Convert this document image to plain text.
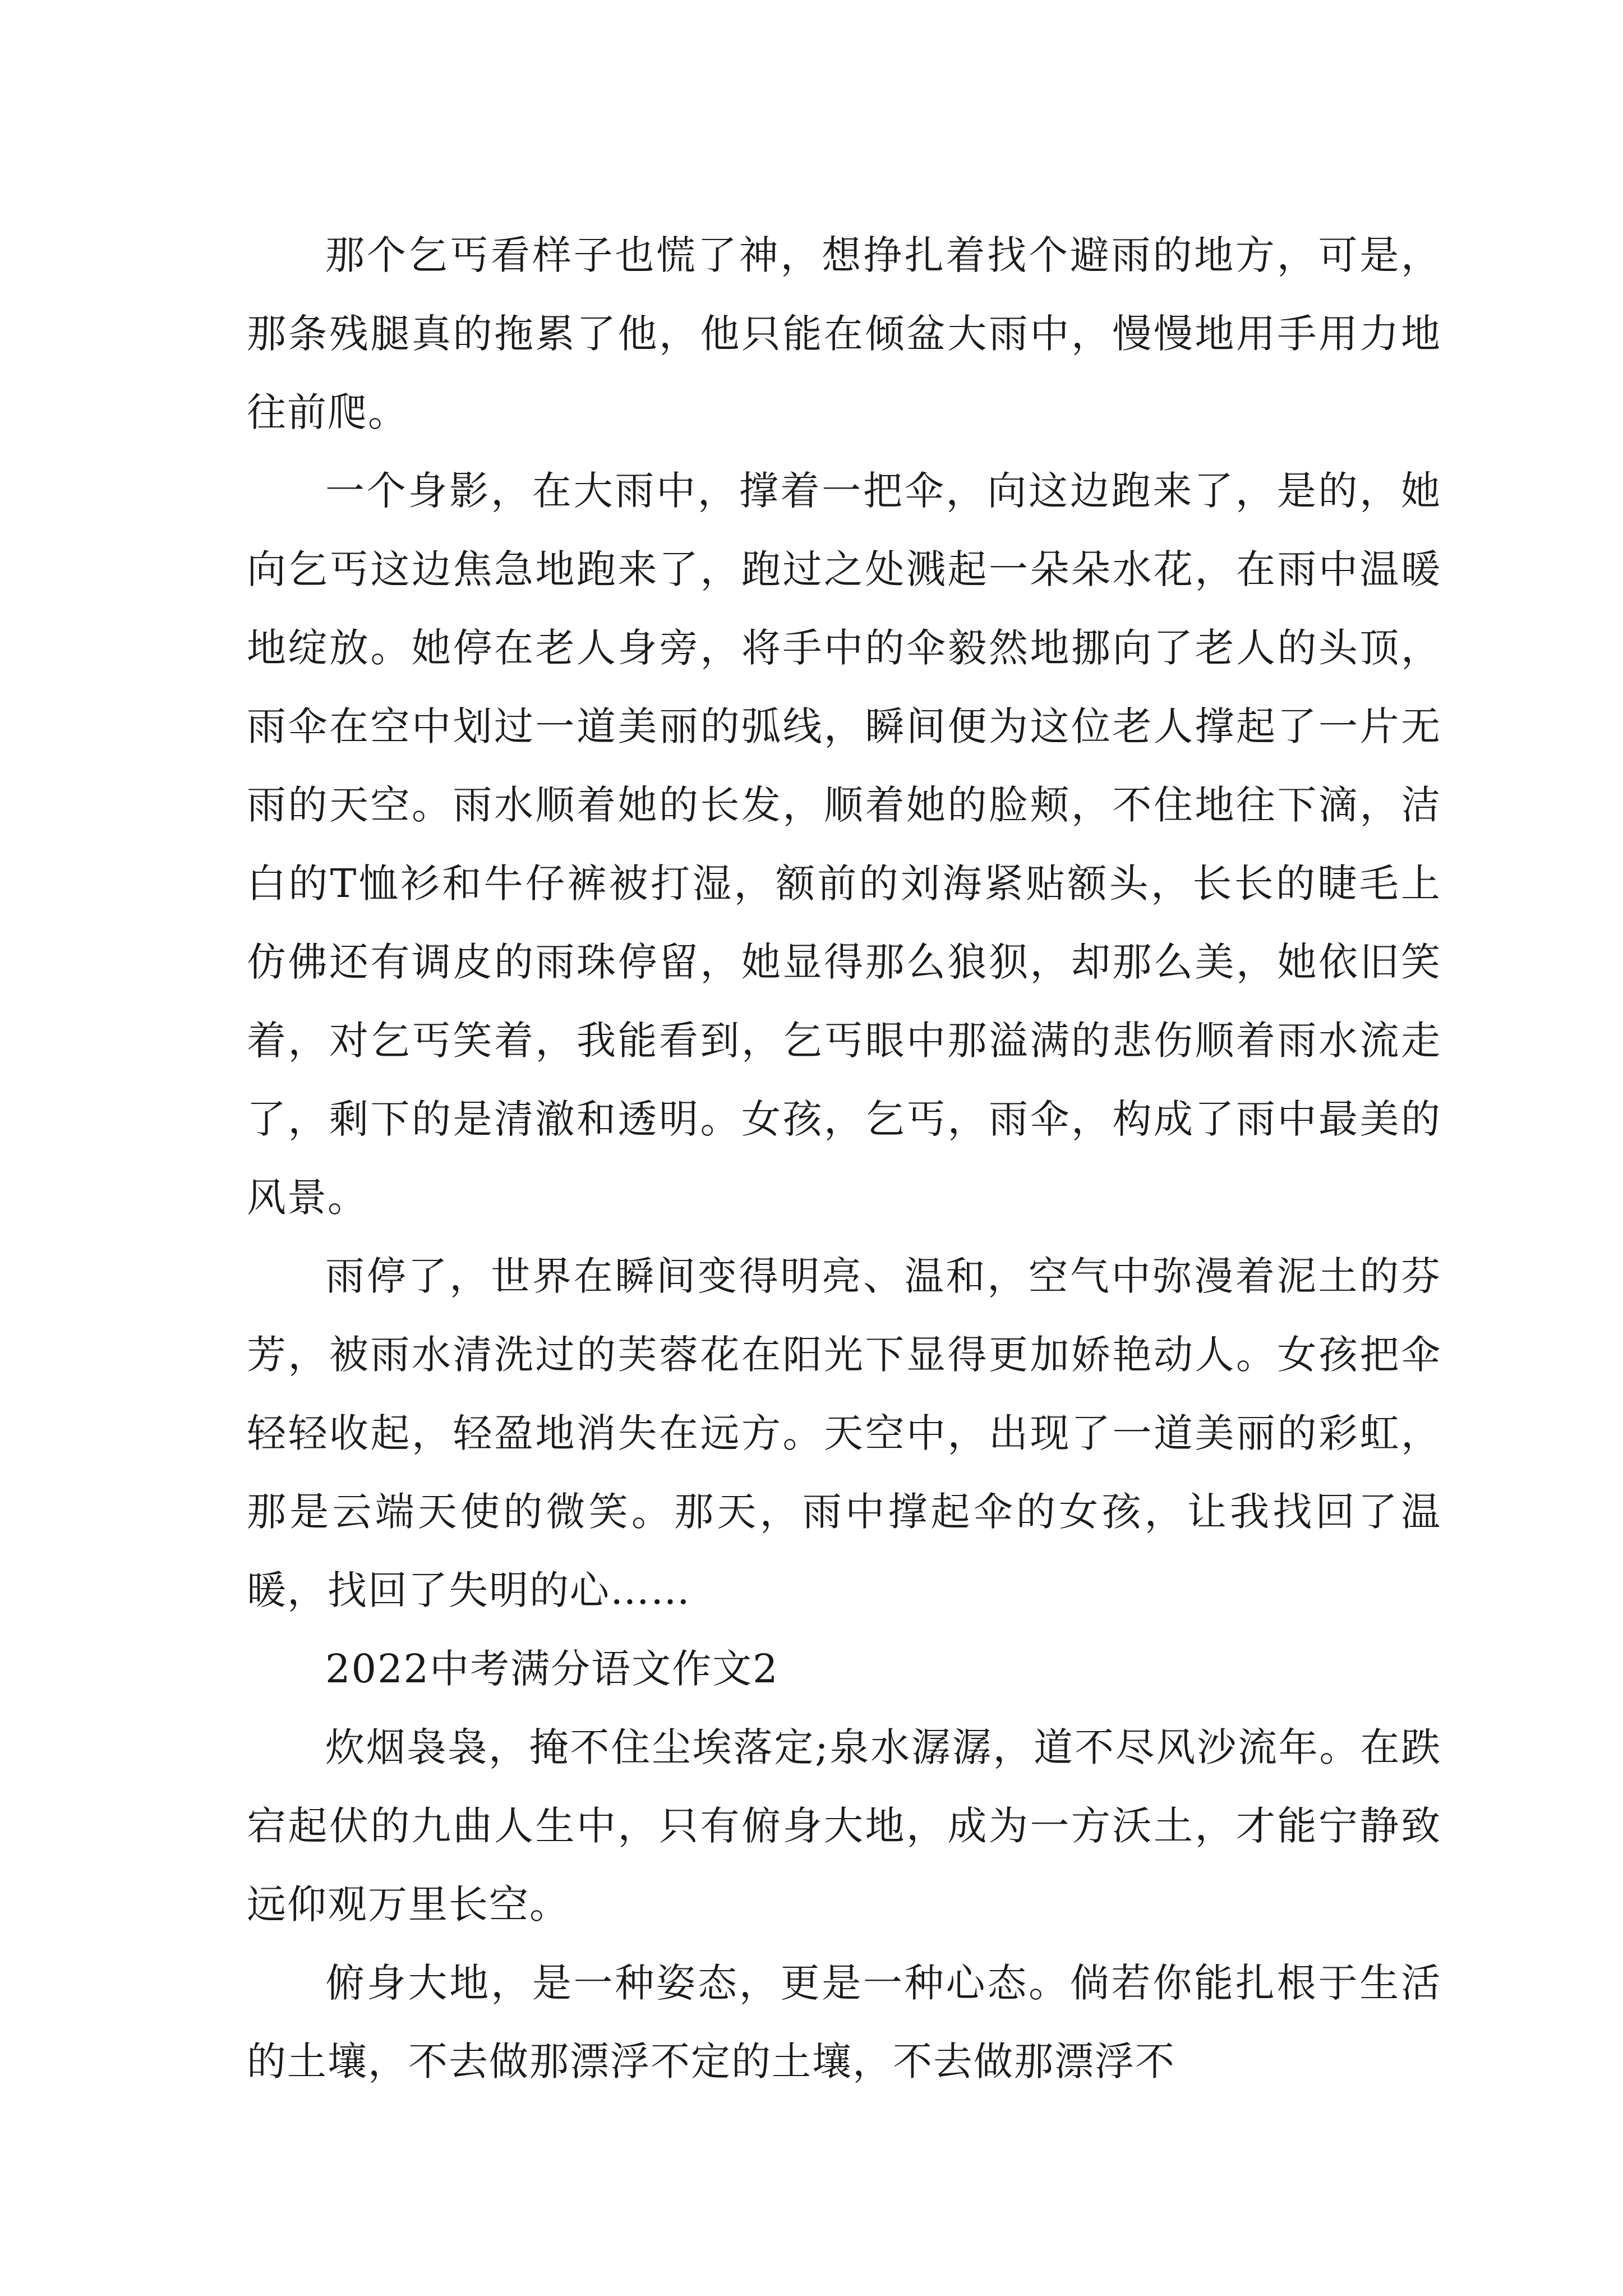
那个乞丐看样子也慌了神，想挣扎着找个避雨的地方，可是，那条残腿真的拖累了他，他只能在倾盆大雨中，慢慢地用手用力地往前爬。

一个身影，在大雨中，撑着一把伞，向这边跑来了，是的，她向乞丐这边焦急地跑来了，跑过之处溅起一朵朵水花，在雨中温暖地绽放。她停在老人身旁，将手中的伞毅然地挪向了老人的头顶，雨伞在空中划过一道美丽的弧线，瞬间便为这位老人撑起了一片无雨的天空。雨水顺着她的长发，顺着她的脸颊，不住地往下滴，洁白的T恤衫和牛仔裤被打湿，额前的刘海紧贴额头，长长的睫毛上仿佛还有调皮的雨珠停留，她显得那么狼狈，却那么美，她依旧笑着，对乞丐笑着，我能看到，乞丐眼中那溢满的悲伤顺着雨水流走了，剩下的是清澈和透明。女孩，乞丐，雨伞，构成了雨中最美的风景。

雨停了，世界在瞬间变得明亮、温和，空气中弥漫着泥土的芬芳，被雨水清洗过的芙蓉花在阳光下显得更加娇艳动人。女孩把伞轻轻收起，轻盈地消失在远方。天空中，出现了一道美丽的彩虹，那是云端天使的微笑。那天，雨中撑起伞的女孩，让我找回了温暖，找回了失明的心……

2022中考满分语文作文2

炊烟袅袅，掩不住尘埃落定;泉水潺潺，道不尽风沙流年。在跌宕起伏的九曲人生中，只有俯身大地，成为一方沃土，才能宁静致远仰观万里长空。

俯身大地，是一种姿态，更是一种心态。倘若你能扎根于生活的土壤，不去做那漂浮不定的土壤，不去做那漂浮不
